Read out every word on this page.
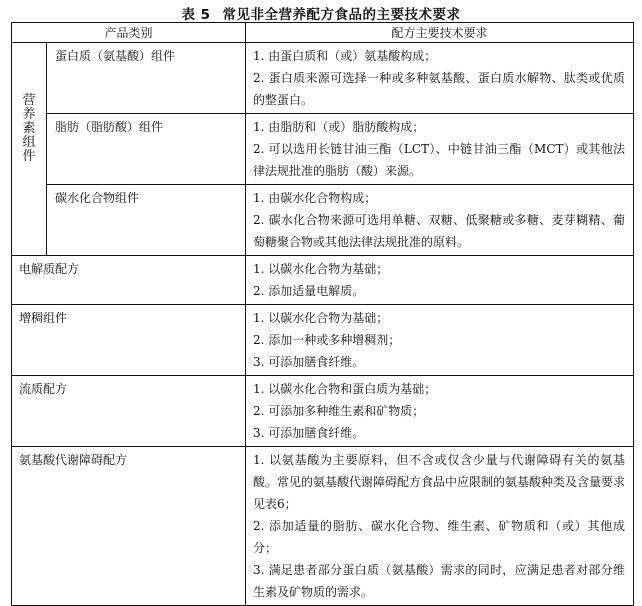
表 5 常见非全营养配方食品的主要技术要求
产品类别		配方主要技术要求
营养素组件	蛋白质（氨基酸）组件	1. 由蛋白质和（或）氨基酸构成；
2. 蛋白质来源可选择一种或多种氨基酸、蛋白质水解物、肽类或优质的整蛋白。

	脂肪（脂肪酸）组件	1. 由脂肪和（或）脂肪酸构成；
2. 可以选用长链甘油三酯（LCT）、中链甘油三酯（MCT）或其他法律法规批准的脂肪（酸）来源。

	碳水化合物组件	1. 由碳水化合物构成；
2. 碳水化合物来源可选用单糖、双糖、低聚糖或多糖、麦芽糊精、葡萄糖聚合物或其他法律法规批准的原料。

电解质配方		1. 以碳水化合物为基础；
2. 添加适量电解质。

增稠组件		1. 以碳水化合物为基础；
2. 添加一种或多种增稠剂；
3. 可添加膳食纤维。

流质配方		1. 以碳水化合物和蛋白质为基础；
2. 可添加多种维生素和矿物质；
3. 可添加膳食纤维。

氨基酸代谢障碍配方		1. 以氨基酸为主要原料，但不含或仅含少量与代谢障碍有关的氨基酸。常见的氨基酸代谢障碍配方食品中应限制的氨基酸种类及含量要求见表6；
2. 添加适量的脂肪、碳水化合物、维生素、矿物质和（或）其他成分；
3. 满足患者部分蛋白质（氨基酸）需求的同时，应满足患者对部分维生素及矿物质的需求。
